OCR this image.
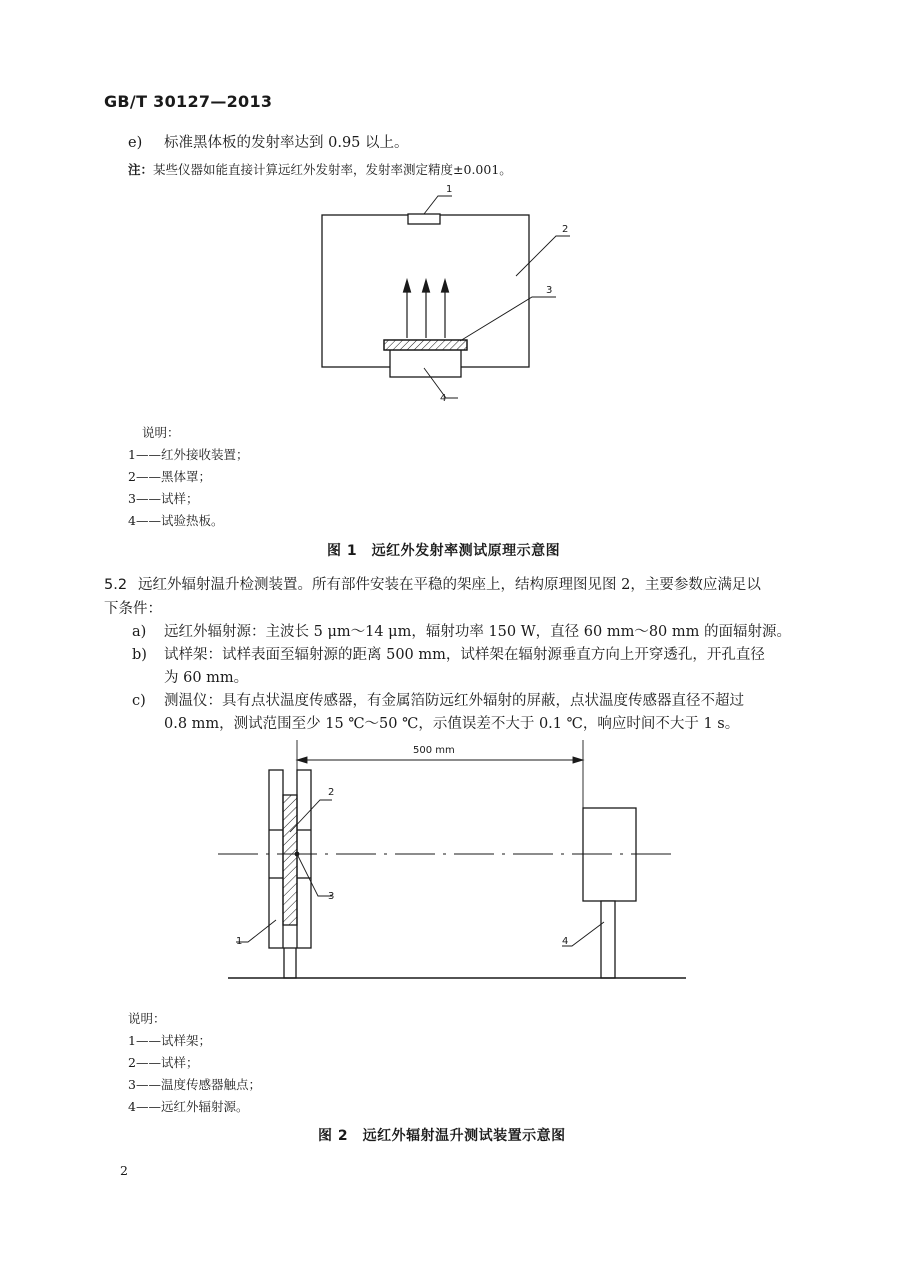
GB/T 30127—2013
e) 标准黑体板的发射率达到 0.95 以上。
注：某些仪器如能直接计算远红外发射率，发射率测定精度±0.001。
1
2
3
4
说明：
1——红外接收装置；
2——黑体罩；
3——试样；
4——试验热板。
图 1　远红外发射率测试原理示意图
5.2 远红外辐射温升检测装置。所有部件安装在平稳的架座上，结构原理图见图 2，主要参数应满足以
下条件：
a) 远红外辐射源：主波长 5 μm～14 μm，辐射功率 150 W，直径 60 mm～80 mm 的面辐射源。
b) 试样架：试样表面至辐射源的距离 500 mm，试样架在辐射源垂直方向上开穿透孔，开孔直径
为 60 mm。
c) 测温仪：具有点状温度传感器，有金属箔防远红外辐射的屏蔽，点状温度传感器直径不超过
0.8 mm，测试范围至少 15 ℃～50 ℃，示值误差不大于 0.1 ℃，响应时间不大于 1 s。
500 mm
1
2
3
4
说明：
1——试样架；
2——试样；
3——温度传感器触点；
4——远红外辐射源。
图 2　远红外辐射温升测试装置示意图
2
